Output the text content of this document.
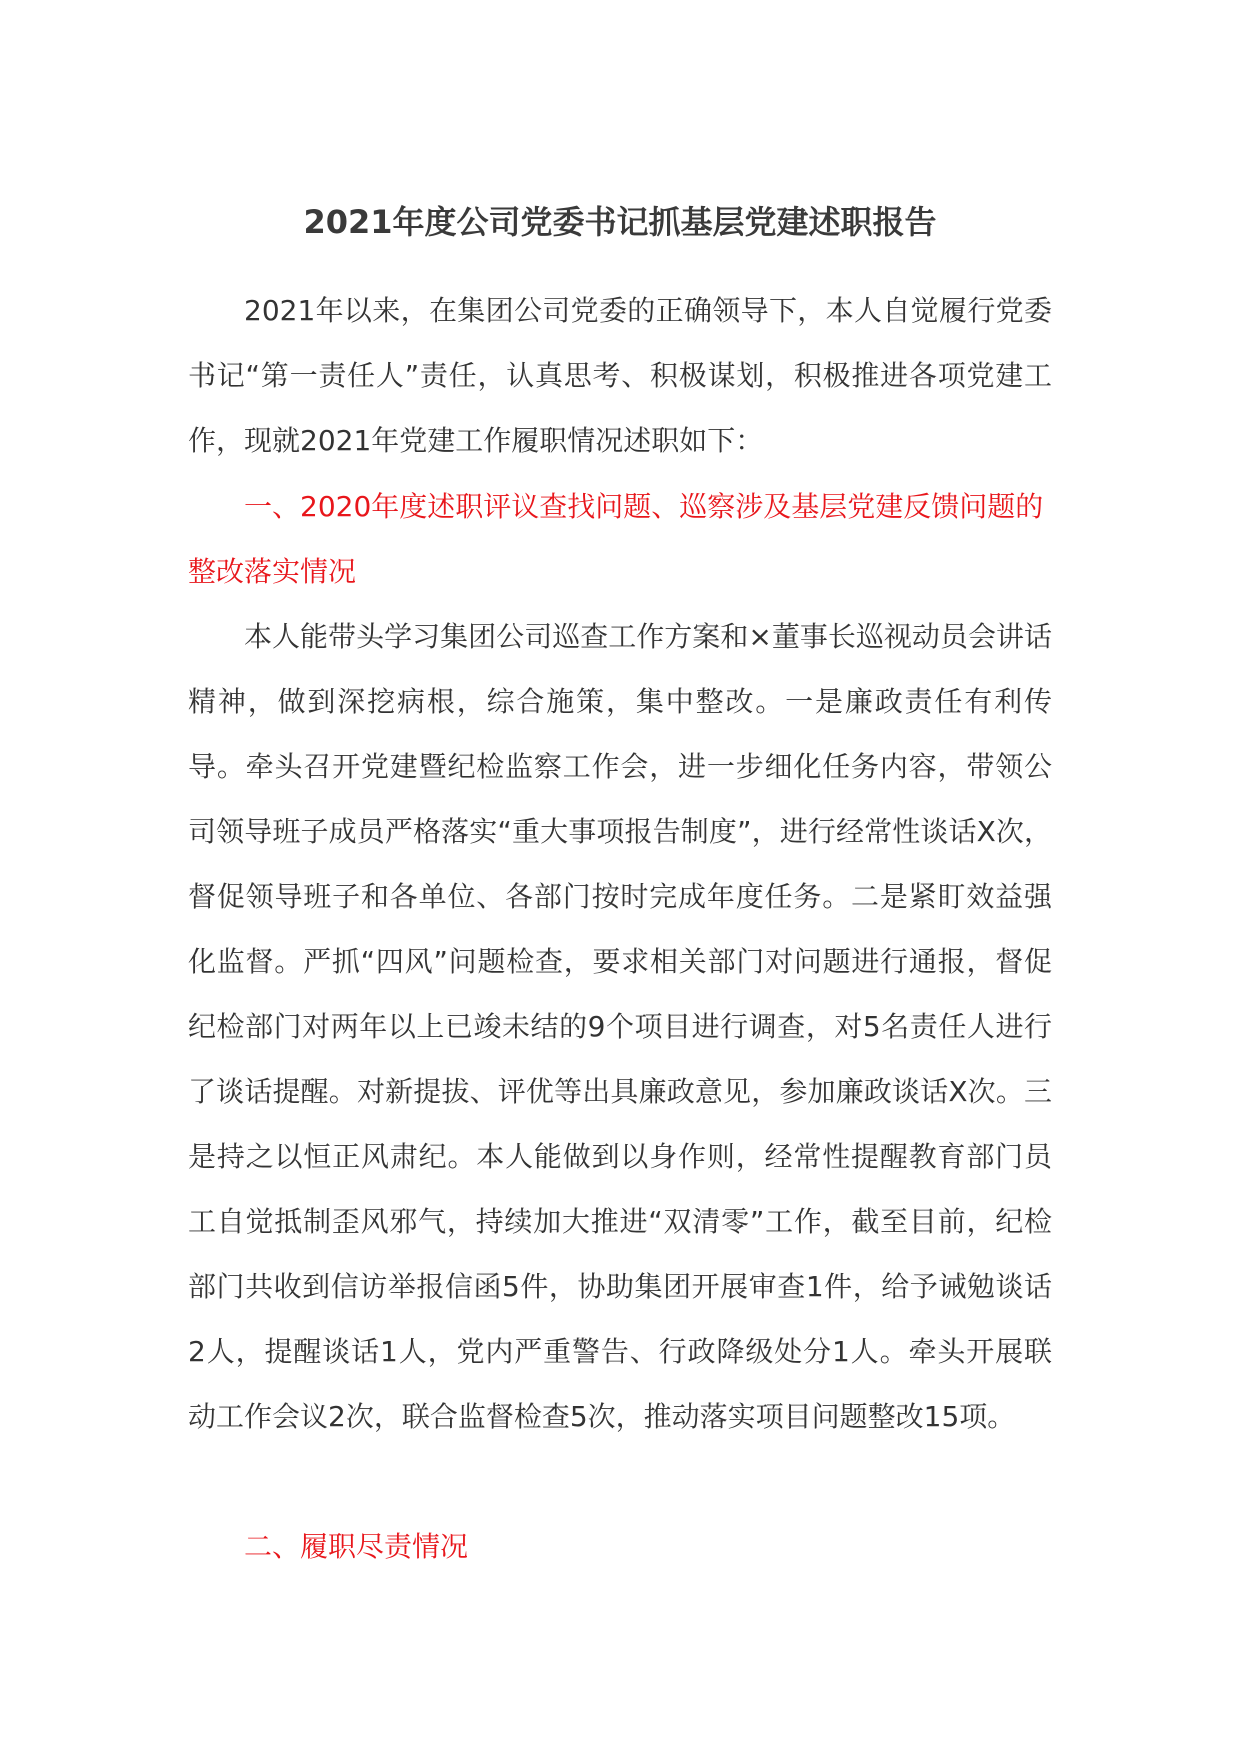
2021年度公司党委书记抓基层党建述职报告

2021年以来，在集团公司党委的正确领导下，本人自觉履行党委书记“第一责任人”责任，认真思考、积极谋划，积极推进各项党建工作，现就2021年党建工作履职情况述职如下：

一、2020年度述职评议查找问题、巡察涉及基层党建反馈问题的整改落实情况

本人能带头学习集团公司巡查工作方案和×董事长巡视动员会讲话精神，做到深挖病根，综合施策，集中整改。一是廉政责任有利传导。牵头召开党建暨纪检监察工作会，进一步细化任务内容，带领公司领导班子成员严格落实“重大事项报告制度”，进行经常性谈话X次，督促领导班子和各单位、各部门按时完成年度任务。二是紧盯效益强化监督。严抓“四风”问题检查，要求相关部门对问题进行通报，督促纪检部门对两年以上已竣未结的9个项目进行调查，对5名责任人进行了谈话提醒。对新提拔、评优等出具廉政意见，参加廉政谈话X次。三是持之以恒正风肃纪。本人能做到以身作则，经常性提醒教育部门员工自觉抵制歪风邪气，持续加大推进“双清零”工作，截至目前，纪检部门共收到信访举报信函5件，协助集团开展审查1件，给予诫勉谈话2人，提醒谈话1人，党内严重警告、行政降级处分1人。牵头开展联动工作会议2次，联合监督检查5次，推动落实项目问题整改15项。

二、履职尽责情况
